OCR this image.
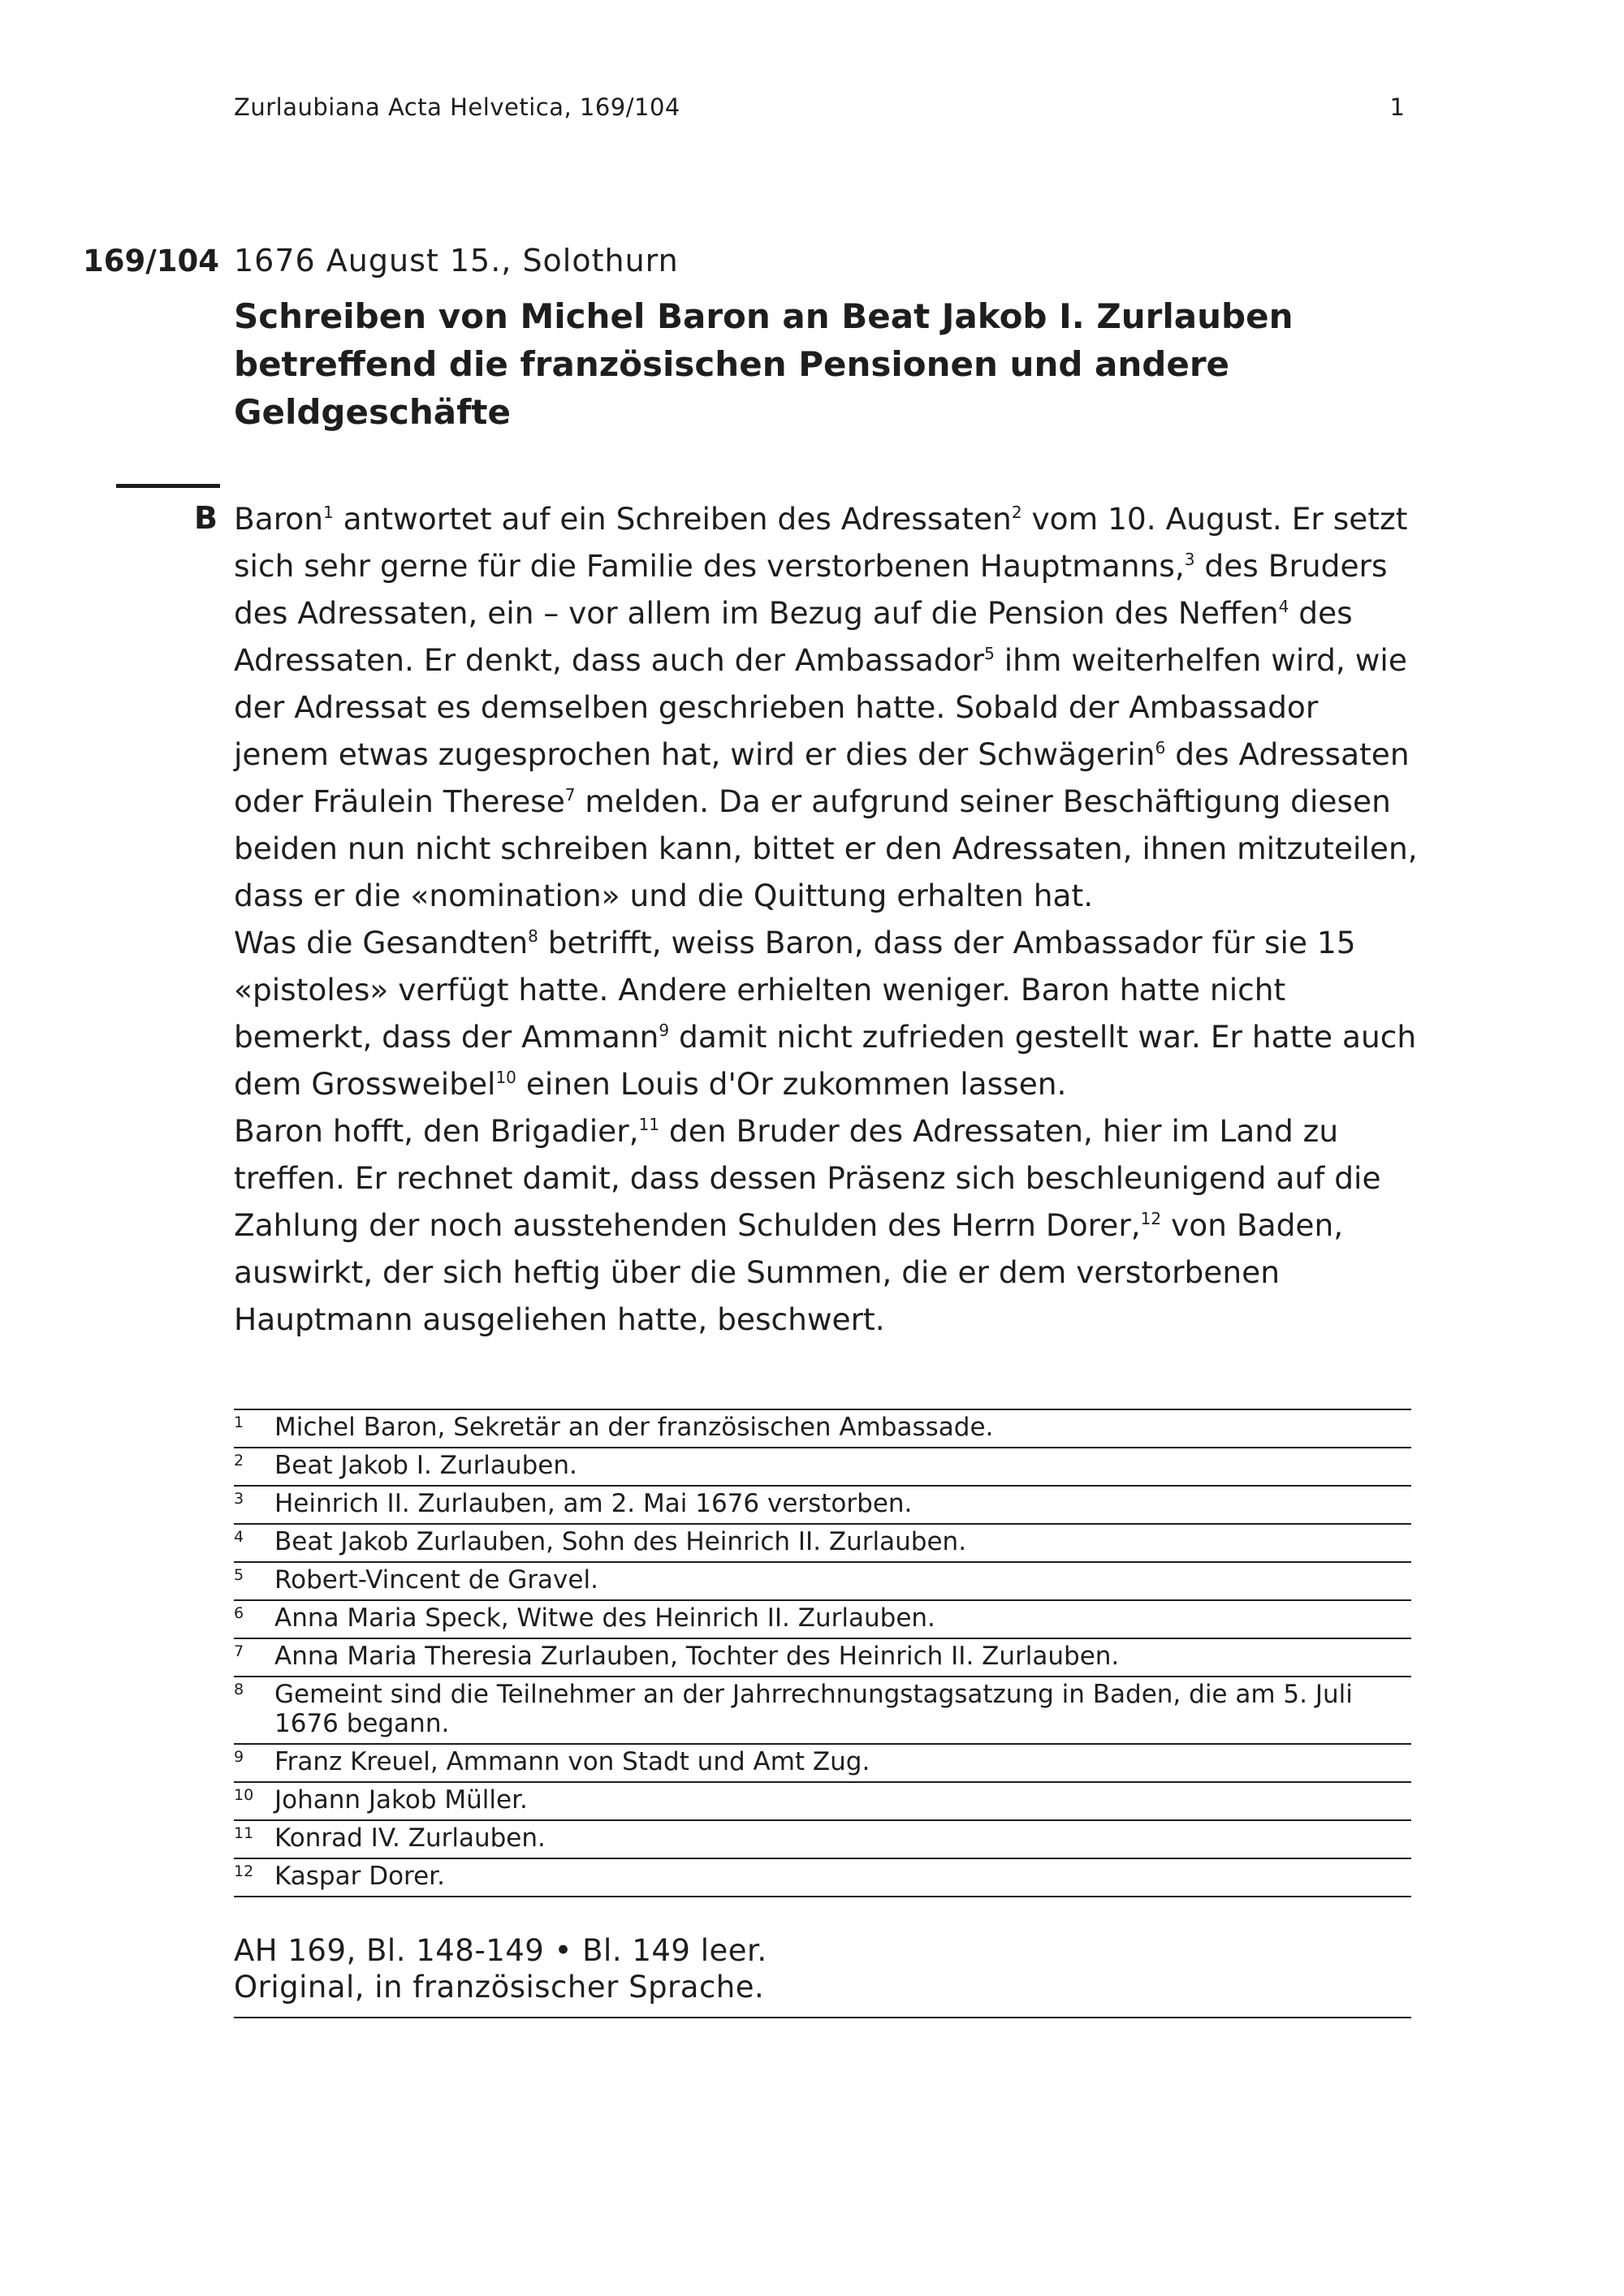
Zurlaubiana Acta Helvetica, 169/104	1
169/104 1676 August 15., Solothurn
Schreiben von Michel Baron an Beat Jakob I. Zurlauben betreffend die französischen Pensionen und andere Geldgeschäfte
B Baron$^1$ antwortet auf ein Schreiben des Adressaten$^2$ vom 10. August. Er setzt sich sehr gerne für die Familie des verstorbenen Hauptmanns,$^3$ des Bruders des Adressaten, ein – vor allem im Bezug auf die Pension des Neffen$^4$ des Adressaten. Er denkt, dass auch der Ambassador$^5$ ihm weiterhelfen wird, wie der Adressat es demselben geschrieben hatte. Sobald der Ambassador jenem etwas zugesprochen hat, wird er dies der Schwägerin$^6$ des Adressaten oder Fräulein Therese$^7$ melden. Da er aufgrund seiner Beschäftigung diesen beiden nun nicht schreiben kann, bittet er den Adressaten, ihnen mitzuteilen, dass er die «nomination» und die Quittung erhalten hat.

Was die Gesandten$^8$ betrifft, weiss Baron, dass der Ambassador für sie 15 «pistoles» verfügt hatte. Andere erhielten weniger. Baron hatte nicht bemerkt, dass der Ammann$^9$ damit nicht zufrieden gestellt war. Er hatte auch dem Grossweibel$^{10}$ einen Louis d'Or zukommen lassen.

Baron hofft, den Brigadier,$^{11}$ den Bruder des Adressaten, hier im Land zu treffen. Er rechnet damit, dass dessen Präsenz sich beschleunigend auf die Zahlung der noch ausstehenden Schulden des Herrn Dorer,$^{12}$ von Baden, auswirkt, der sich heftig über die Summen, die er dem verstorbenen Hauptmann ausgeliehen hatte, beschwert.

1	Michel Baron, Sekretär an der französischen Ambassade.
2	Beat Jakob I. Zurlauben.
3	Heinrich II. Zurlauben, am 2. Mai 1676 verstorben.
4	Beat Jakob Zurlauben, Sohn des Heinrich II. Zurlauben.
5	Robert-Vincent de Gravel.
6	Anna Maria Speck, Witwe des Heinrich II. Zurlauben.
7	Anna Maria Theresia Zurlauben, Tochter des Heinrich II. Zurlauben.
8	Gemeint sind die Teilnehmer an der Jahrrechnungstagsatzung in Baden, die am 5. Juli 1676 begann.
9	Franz Kreuel, Ammann von Stadt und Amt Zug.
10 Johann Jakob Müller.
11 Konrad IV. Zurlauben.
12 Kaspar Dorer.
AH 169, Bl. 148-149 • Bl. 149 leer.
Original, in französischer Sprache.
